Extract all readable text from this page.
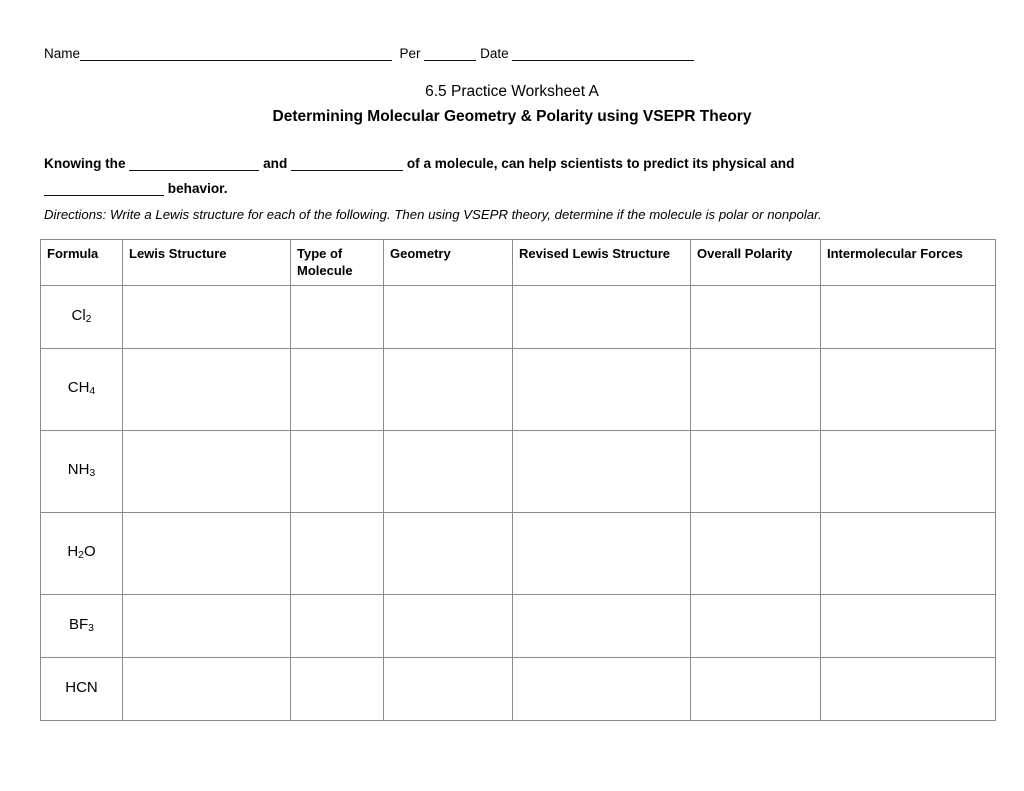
Name	Per	Date
6.5 Practice Worksheet A
Determining Molecular Geometry & Polarity using VSEPR Theory
Knowing the	and	of a molecule, can help scientists to predict its physical and
behavior.
Directions: Write a Lewis structure for each of the following. Then using VSEPR theory, determine if the molecule is polar or nonpolar.
Formula	Lewis Structure	Type of Molecule	Geometry	Revised Lewis Structure	Overall Polarity	Intermolecular Forces
$Cl_2$						
$CH_4$						
$NH_3$						
$H_2O$						
$BF_3$						
HCN						
